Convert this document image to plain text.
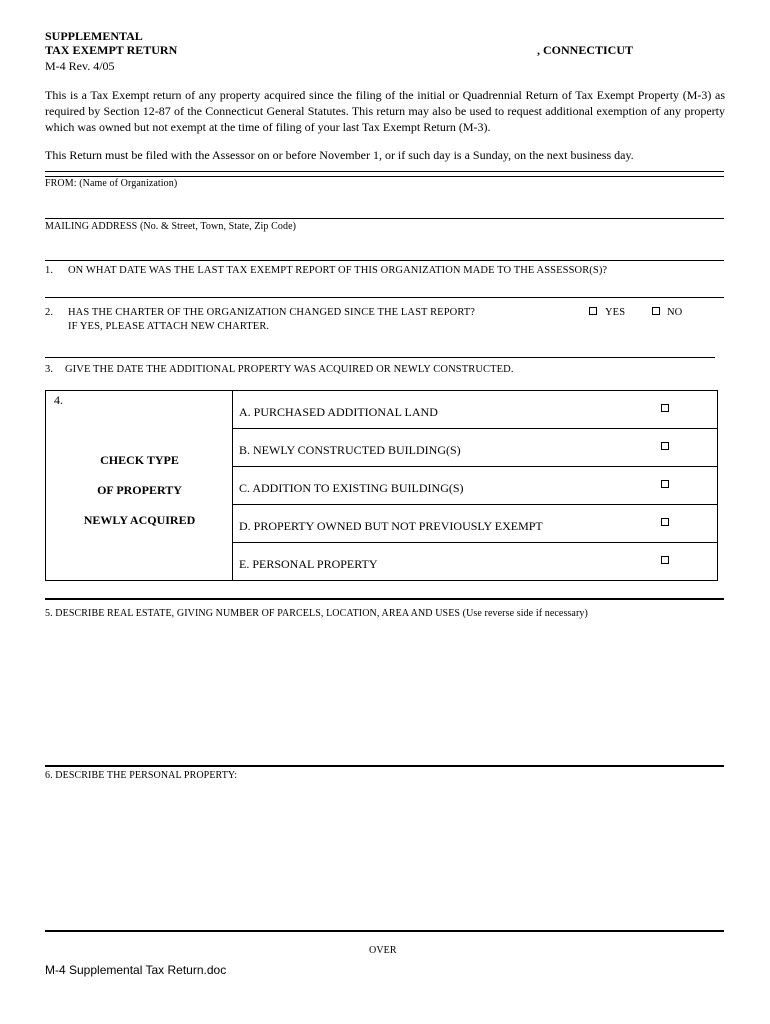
SUPPLEMENTAL
TAX EXEMPT RETURN
M-4 Rev. 4/05
, CONNECTICUT
This is a Tax Exempt return of any property acquired since the filing of the initial or Quadrennial Return of Tax Exempt Property (M-3) as required by Section 12-87 of the Connecticut General Statutes. This return may also be used to request additional exemption of any property which was owned but not exempt at the time of filing of your last Tax Exempt Return (M-3).
This Return must be filed with the Assessor on or before November 1, or if such day is a Sunday, on the next business day.
FROM: (Name of Organization)
MAILING ADDRESS (No. & Street, Town, State, Zip Code)
1. ON WHAT DATE WAS THE LAST TAX EXEMPT REPORT OF THIS ORGANIZATION MADE TO THE ASSESSOR(S)?
2. HAS THE CHARTER OF THE ORGANIZATION CHANGED SINCE THE LAST REPORT?
IF YES, PLEASE ATTACH NEW CHARTER.
YES	NO
3. GIVE THE DATE THE ADDITIONAL PROPERTY WAS ACQUIRED OR NEWLY CONSTRUCTED.
4.
CHECK TYPE
OF PROPERTY
NEWLY ACQUIRED

A. PURCHASED ADDITIONAL LAND

B. NEWLY CONSTRUCTED BUILDING(S)

C. ADDITION TO EXISTING BUILDING(S)

D. PROPERTY OWNED BUT NOT PREVIOUSLY EXEMPT

E. PERSONAL PROPERTY
5. DESCRIBE REAL ESTATE, GIVING NUMBER OF PARCELS, LOCATION, AREA AND USES (Use reverse side if necessary)
6. DESCRIBE THE PERSONAL PROPERTY:
OVER
M-4 Supplemental Tax Return.doc
